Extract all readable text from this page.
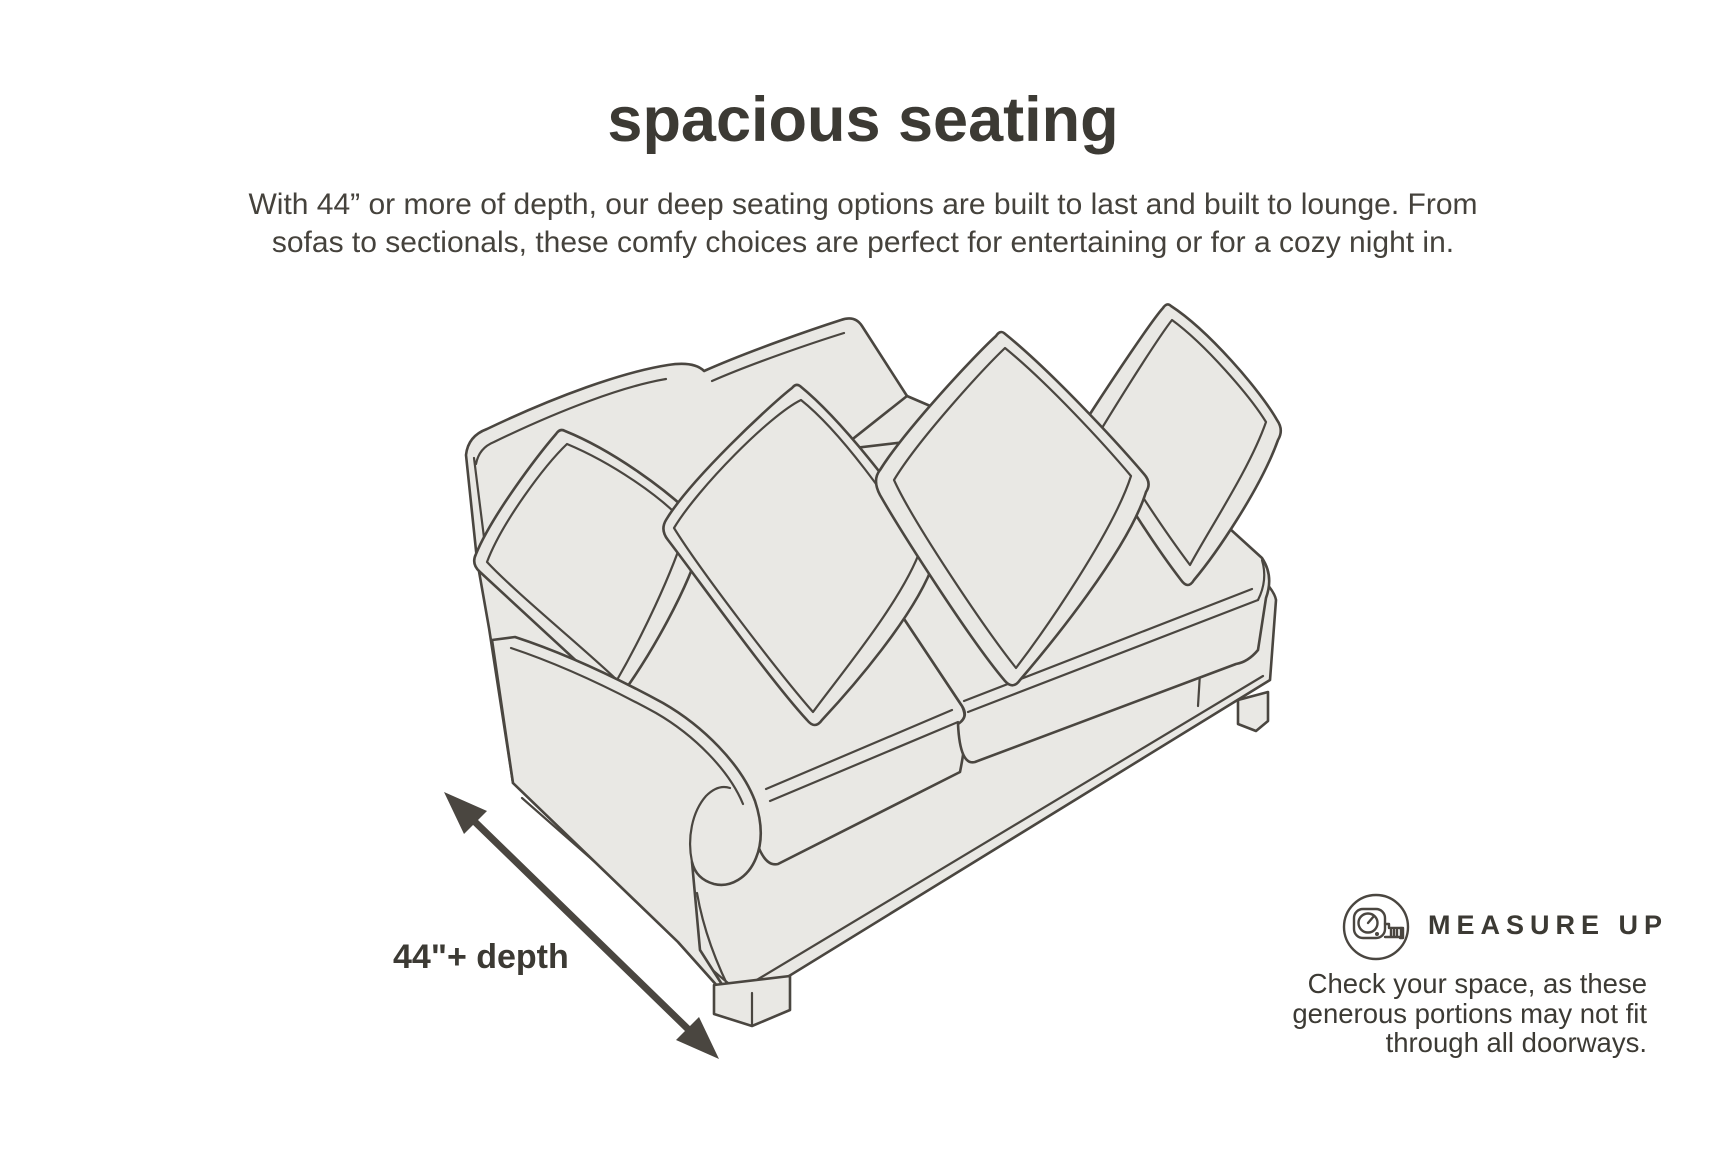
spacious seating
With 44” or more of depth, our deep seating options are built to last and built to lounge. From
sofas to sectionals, these comfy choices are perfect for entertaining or for a cozy night in.
44"+ depth
MEASURE UP
Check your space, as these
generous portions may not fit
through all doorways.
